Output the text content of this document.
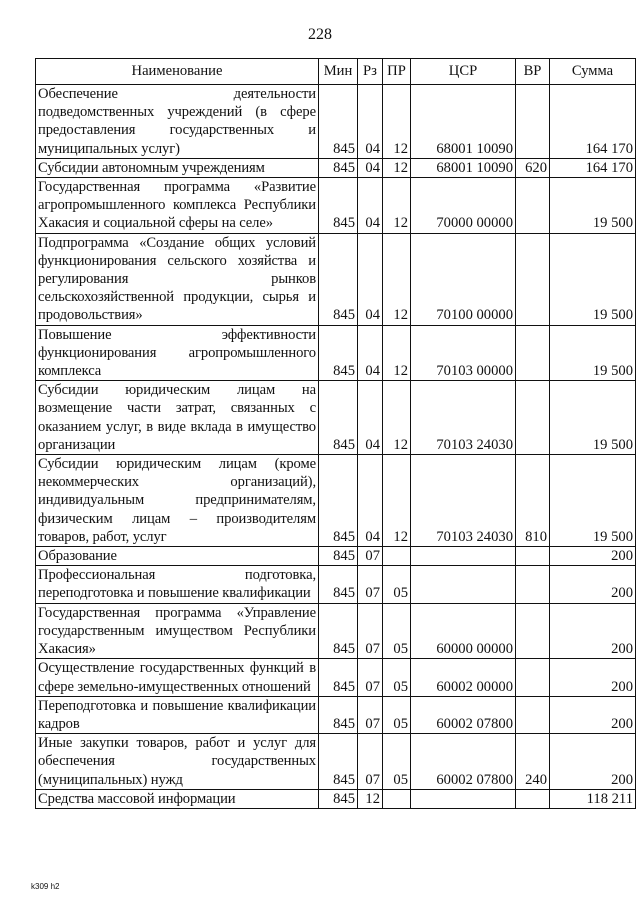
228
Наименование	Мин	Рз	ПР	ЦСР	ВР	Сумма
Обеспечение деятельности подведомственных учреждений (в сфере предоставления государственных и муниципальных услуг)	845	04	12	68001 10090		164 170
Субсидии автономным учреждениям	845	04	12	68001 10090	620	164 170
Государственная программа «Развитие агропромышленного комплекса Республики Хакасия и социальной сферы на селе»	845	04	12	70000 00000		19 500
Подпрограмма «Создание общих условий функционирования сельского хозяйства и регулирования рынков сельскохозяйственной продукции, сырья и продовольствия»	845	04	12	70100 00000		19 500
Повышение эффективности функционирования агропромышленного комплекса	845	04	12	70103 00000		19 500
Субсидии юридическим лицам на возмещение части затрат, связанных с оказанием услуг, в виде вклада в имущество организации	845	04	12	70103 24030		19 500
Субсидии юридическим лицам (кроме некоммерческих организаций), индивидуальным предпринимателям, физическим лицам – производителям товаров, работ, услуг	845	04	12	70103 24030	810	19 500
Образование	845	07				200
Профессиональная подготовка, переподготовка и повышение квалификации	845	07	05			200
Государственная программа «Управление государственным имуществом Республики Хакасия»	845	07	05	60000 00000		200
Осуществление государственных функций в сфере земельно-имущественных отношений	845	07	05	60002 00000		200
Переподготовка и повышение квалификации кадров	845	07	05	60002 07800		200
Иные закупки товаров, работ и услуг для обеспечения государственных (муниципальных) нужд	845	07	05	60002 07800	240	200
Средства массовой информации	845	12				118 211
k309 h2
